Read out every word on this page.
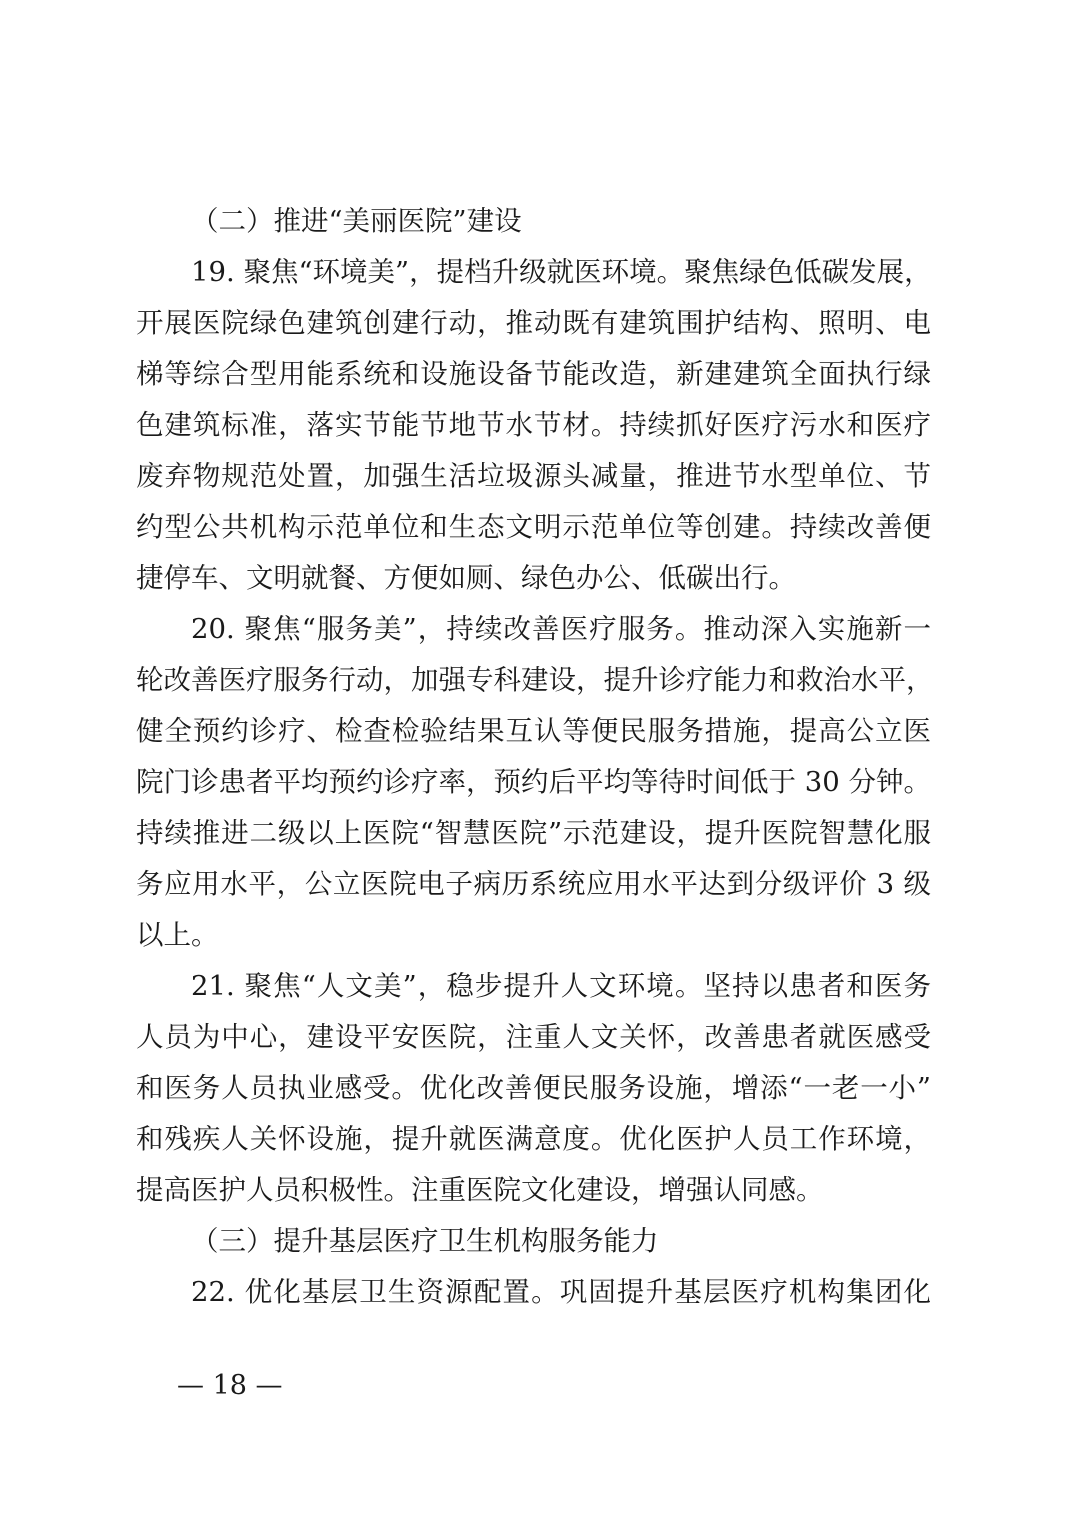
（二）推进“美丽医院”建设
19. 聚焦“环境美”，提档升级就医环境。聚焦绿色低碳发展，
开展医院绿色建筑创建行动，推动既有建筑围护结构、照明、电
梯等综合型用能系统和设施设备节能改造，新建建筑全面执行绿
色建筑标准，落实节能节地节水节材。持续抓好医疗污水和医疗
废弃物规范处置，加强生活垃圾源头减量，推进节水型单位、节
约型公共机构示范单位和生态文明示范单位等创建。持续改善便
捷停车、文明就餐、方便如厕、绿色办公、低碳出行。
20. 聚焦“服务美”，持续改善医疗服务。推动深入实施新一
轮改善医疗服务行动，加强专科建设，提升诊疗能力和救治水平，
健全预约诊疗、检查检验结果互认等便民服务措施，提高公立医
院门诊患者平均预约诊疗率，预约后平均等待时间低于 30 分钟。
持续推进二级以上医院“智慧医院”示范建设，提升医院智慧化服
务应用水平，公立医院电子病历系统应用水平达到分级评价 3 级
以上。
21. 聚焦“人文美”，稳步提升人文环境。坚持以患者和医务
人员为中心，建设平安医院，注重人文关怀，改善患者就医感受
和医务人员执业感受。优化改善便民服务设施，增添“一老一小”
和残疾人关怀设施，提升就医满意度。优化医护人员工作环境，
提高医护人员积极性。注重医院文化建设，增强认同感。
（三）提升基层医疗卫生机构服务能力
22. 优化基层卫生资源配置。巩固提升基层医疗机构集团化
— 18 —
